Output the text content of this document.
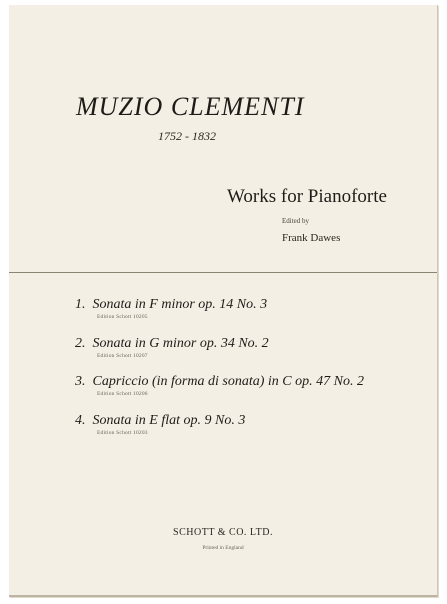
MUZIO CLEMENTI
1752 - 1832
Works for Pianoforte
Edited by
Frank Dawes
1. Sonata in F minor op. 14 No. 3
Edition Schott 10205
2. Sonata in G minor op. 34 No. 2
Edition Schott 10207
3. Capriccio (in forma di sonata) in C op. 47 No. 2
Edition Schott 10206
4. Sonata in E flat op. 9 No. 3
Edition Schott 10203
SCHOTT & CO. LTD.
Printed in England
